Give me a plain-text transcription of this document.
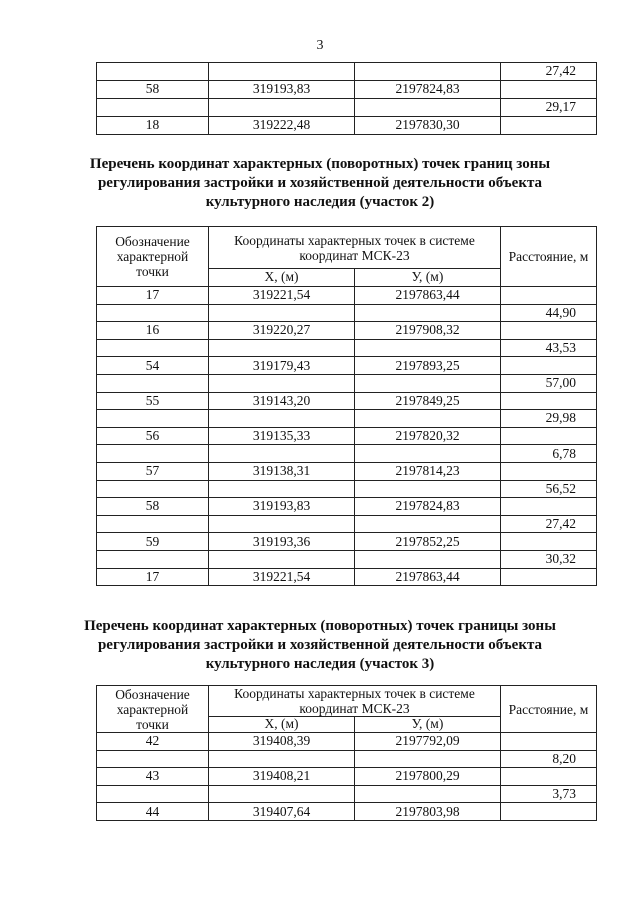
3
			27,42
58	319193,83	2197824,83	
			29,17
18	319222,48	2197830,30	
Перечень координат характерных (поворотных) точек границ зоны регулирования застройки и хозяйственной деятельности объекта культурного наследия (участок 2)
Обозначение характерной точки	Координаты характерных точек в системе координат МСК-23		Расстояние, м
	Х, (м)	У, (м)	
17	319221,54	2197863,44	
			44,90
16	319220,27	2197908,32	
			43,53
54	319179,43	2197893,25	
			57,00
55	319143,20	2197849,25	
			29,98
56	319135,33	2197820,32	
			6,78
57	319138,31	2197814,23	
			56,52
58	319193,83	2197824,83	
			27,42
59	319193,36	2197852,25	
			30,32
17	319221,54	2197863,44	
Перечень координат характерных (поворотных) точек границы зоны регулирования застройки и хозяйственной деятельности объекта культурного наследия (участок 3)
Обозначение характерной точки	Координаты характерных точек в системе координат МСК-23		Расстояние, м
	Х, (м)	У, (м)	
42	319408,39	2197792,09	
			8,20
43	319408,21	2197800,29	
			3,73
44	319407,64	2197803,98	
